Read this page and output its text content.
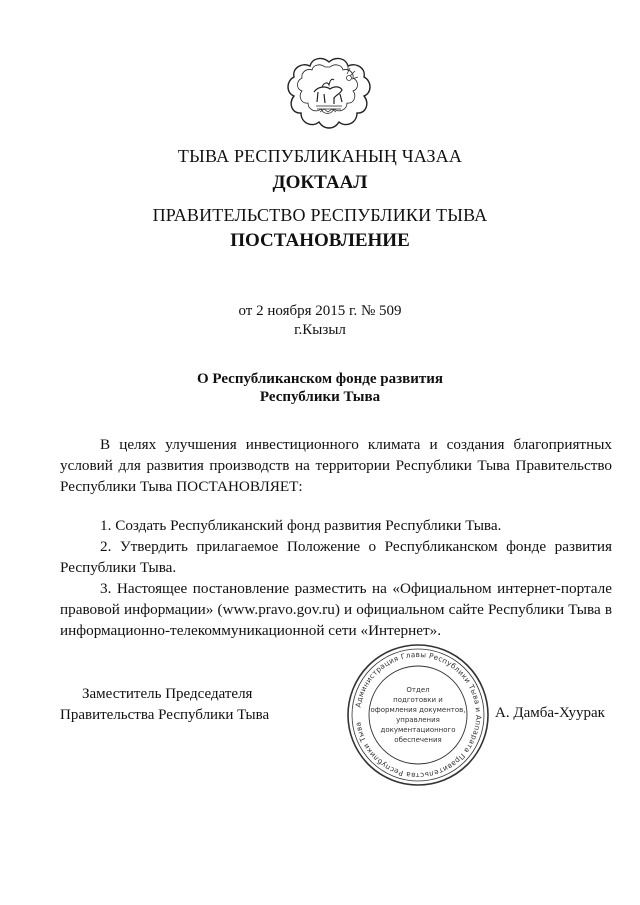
ТЫВА РЕСПУБЛИКАНЫҢ ЧАЗАА
ДОКТААЛ
ПРАВИТЕЛЬСТВО РЕСПУБЛИКИ ТЫВА
ПОСТАНОВЛЕНИЕ
от 2 ноября 2015 г. № 509
г.Кызыл
О Республиканском фонде развития
Республики Тыва
В целях улучшения инвестиционного климата и создания благоприятных условий для развития производств на территории Республики Тыва Правительство Республики Тыва ПОСТАНОВЛЯЕТ:

1. Создать Республиканский фонд развития Республики Тыва.

2. Утвердить прилагаемое Положение о Республиканском фонде развития Республики Тыва.

3. Настоящее постановление разместить на «Официальном интернет-портале правовой информации» (www.pravo.gov.ru) и официальном сайте Республики Тыва в информационно-телекоммуникационной сети «Интернет».

Заместитель Председателя
Правительства Республики Тыва
Администрация Главы Республики Тыва и Аппарата Правительства Республики Тыва
Отдел
подготовки и
оформления документов,
управления
документационного
обеспечения
А. Дамба-Хуурак
